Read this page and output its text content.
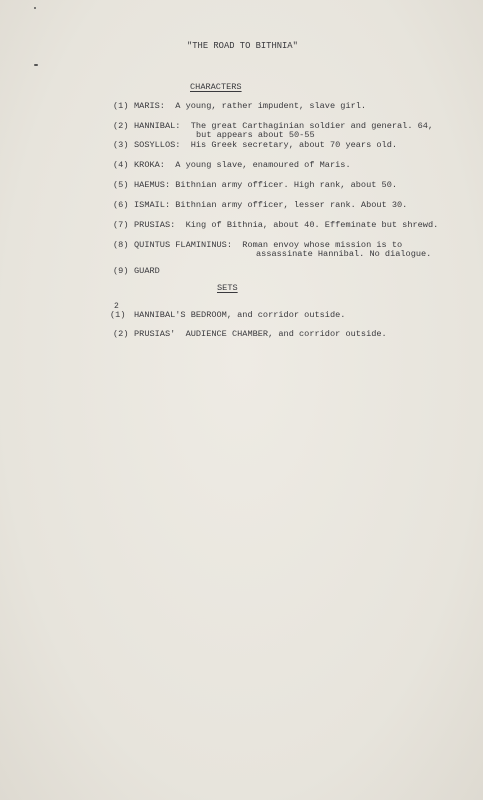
"THE ROAD TO BITHNIA"
CHARACTERS
(1) MARIS:  A young, rather impudent, slave girl.
(2) HANNIBAL:  The great Carthaginian soldier and general. 64,
but appears about 50-55
(3) SOSYLLOS:  His Greek secretary, about 70 years old.
(4) KROKA:  A young slave, enamoured of Maris.
(5) HAEMUS: Bithnian army officer. High rank, about 50.
(6) ISMAIL: Bithnian army officer, lesser rank. About 30.
(7) PRUSIAS:  King of Bithnia, about 40. Effeminate but shrewd.
(8) QUINTUS FLAMININUS:  Roman envoy whose mission is to
assassinate Hannibal. No dialogue.
(9) GUARD
SETS
2
(1) HANNIBAL'S BEDROOM, and corridor outside.
(2) PRUSIAS'  AUDIENCE CHAMBER, and corridor outside.
